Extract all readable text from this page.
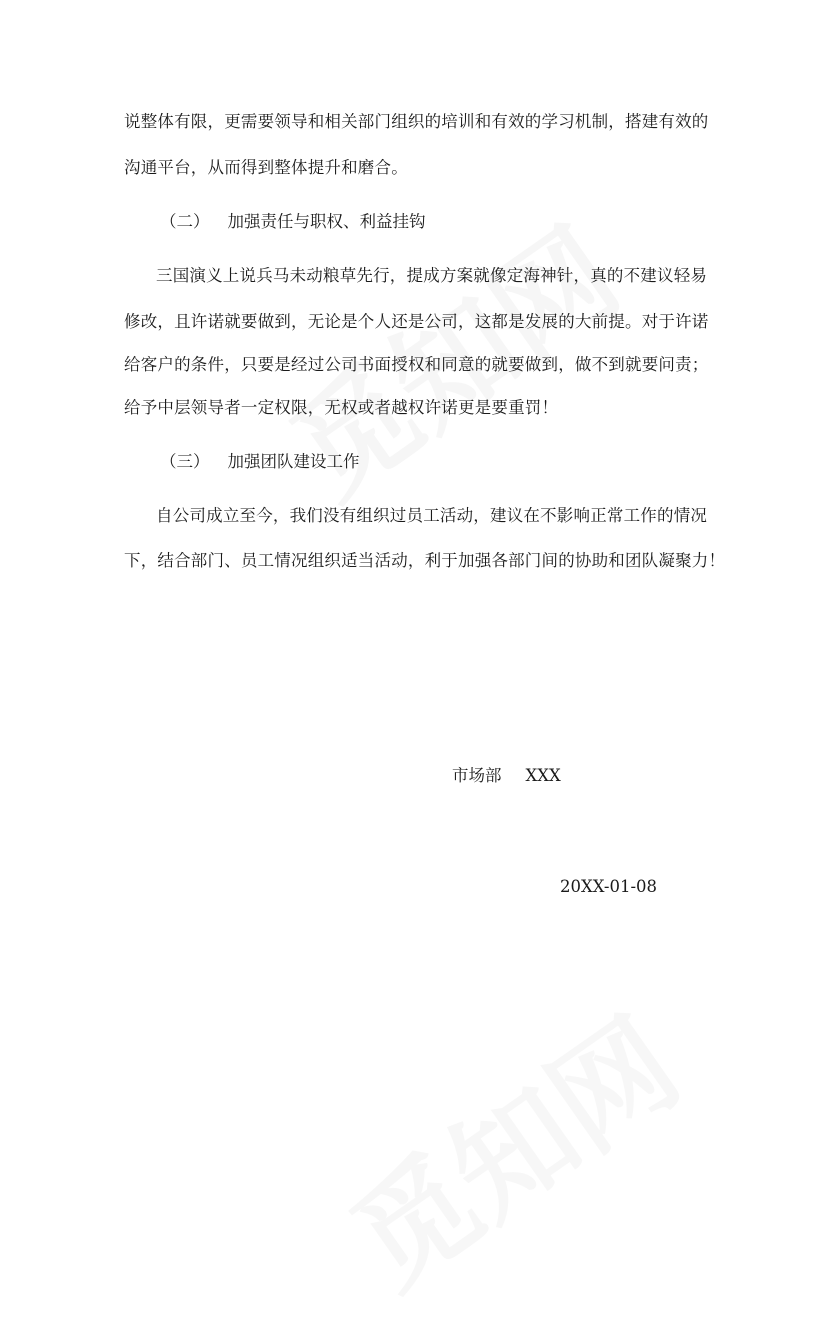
说整体有限，更需要领导和相关部门组织的培训和有效的学习机制，搭建有效的
沟通平台，从而得到整体提升和磨合。
（二） 加强责任与职权、利益挂钩
三国演义上说兵马未动粮草先行，提成方案就像定海神针，真的不建议轻易
修改，且许诺就要做到，无论是个人还是公司，这都是发展的大前提。对于许诺
给客户的条件，只要是经过公司书面授权和同意的就要做到，做不到就要问责；
给予中层领导者一定权限，无权或者越权许诺更是要重罚！
（三） 加强团队建设工作
自公司成立至今，我们没有组织过员工活动，建议在不影响正常工作的情况
下，结合部门、员工情况组织适当活动，利于加强各部门间的协助和团队凝聚力！
市场部 XXX
20XX-01-08
